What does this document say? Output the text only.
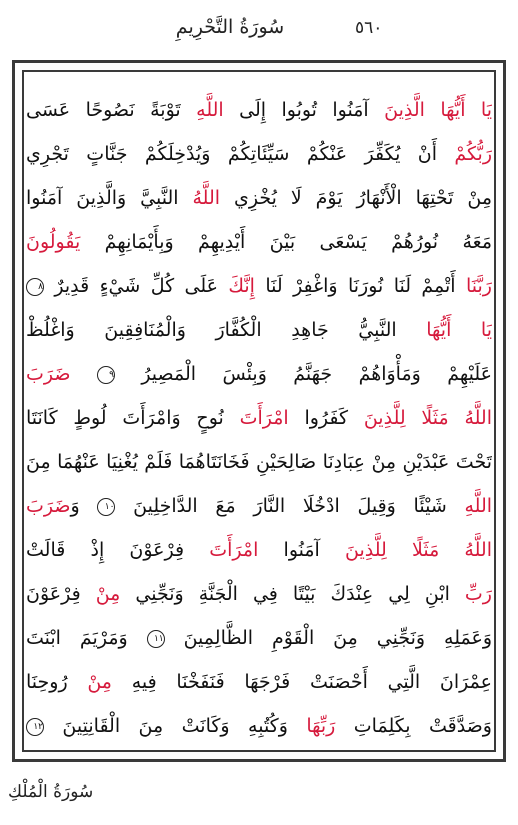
سُورَةُ التَّحْرِيمِ	٥٦٠
يَا أَيُّهَا الَّذِينَ آمَنُوا تُوبُوا إِلَى اللَّهِ تَوْبَةً نَصُوحًا عَسَى
رَبُّكُمْ أَنْ يُكَفِّرَ عَنْكُمْ سَيِّئَاتِكُمْ وَيُدْخِلَكُمْ جَنَّاتٍ تَجْرِي
مِنْ تَحْتِهَا الْأَنْهَارُ يَوْمَ لَا يُخْزِي اللَّهُ النَّبِيَّ وَالَّذِينَ آمَنُوا
مَعَهُ نُورُهُمْ يَسْعَى بَيْنَ أَيْدِيهِمْ وَبِأَيْمَانِهِمْ يَقُولُونَ
رَبَّنَا أَتْمِمْ لَنَا نُورَنَا وَاغْفِرْ لَنَا إِنَّكَ عَلَى كُلِّ شَيْءٍ قَدِيرٌ ٨
يَا أَيُّهَا النَّبِيُّ جَاهِدِ الْكُفَّارَ وَالْمُنَافِقِينَ وَاغْلُظْ
عَلَيْهِمْ وَمَأْوَاهُمْ جَهَنَّمُ وَبِئْسَ الْمَصِيرُ ٩ ضَرَبَ
اللَّهُ مَثَلًا لِلَّذِينَ كَفَرُوا امْرَأَتَ نُوحٍ وَامْرَأَتَ لُوطٍ كَانَتَا
تَحْتَ عَبْدَيْنِ مِنْ عِبَادِنَا صَالِحَيْنِ فَخَانَتَاهُمَا فَلَمْ يُغْنِيَا عَنْهُمَا مِنَ
اللَّهِ شَيْئًا وَقِيلَ ادْخُلَا النَّارَ مَعَ الدَّاخِلِينَ ١٠ وَضَرَبَ
اللَّهُ مَثَلًا لِلَّذِينَ آمَنُوا امْرَأَتَ فِرْعَوْنَ إِذْ قَالَتْ
رَبِّ ابْنِ لِي عِنْدَكَ بَيْتًا فِي الْجَنَّةِ وَنَجِّنِي مِنْ فِرْعَوْنَ
وَعَمَلِهِ وَنَجِّنِي مِنَ الْقَوْمِ الظَّالِمِينَ ١١ وَمَرْيَمَ ابْنَتَ
عِمْرَانَ الَّتِي أَحْصَنَتْ فَرْجَهَا فَنَفَخْنَا فِيهِ مِنْ رُوحِنَا
وَصَدَّقَتْ بِكَلِمَاتِ رَبِّهَا وَكُتُبِهِ وَكَانَتْ مِنَ الْقَانِتِينَ ١٢
سُورَةُ الْمُلْكِ
